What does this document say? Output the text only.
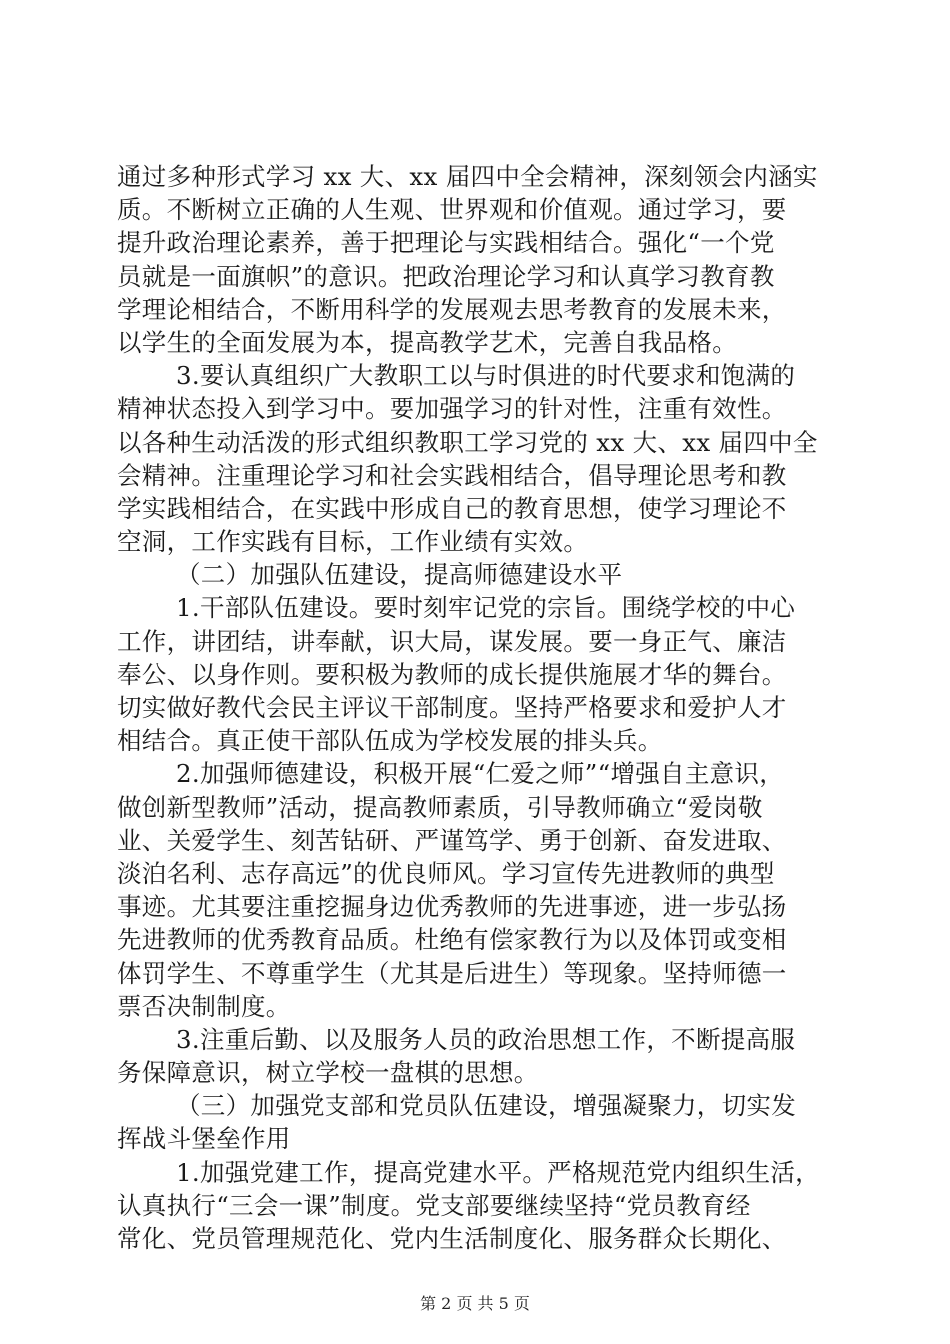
通过多种形式学习 xx 大、xx 届四中全会精神，深刻领会内涵实
质。不断树立正确的人生观、世界观和价值观。通过学习，要
提升政治理论素养，善于把理论与实践相结合。强化“一个党
员就是一面旗帜”的意识。把政治理论学习和认真学习教育教
学理论相结合，不断用科学的发展观去思考教育的发展未来，
以学生的全面发展为本，提高教学艺术，完善自我品格。
3.要认真组织广大教职工以与时俱进的时代要求和饱满的
精神状态投入到学习中。要加强学习的针对性，注重有效性。
以各种生动活泼的形式组织教职工学习党的 xx 大、xx 届四中全
会精神。注重理论学习和社会实践相结合，倡导理论思考和教
学实践相结合，在实践中形成自己的教育思想，使学习理论不
空洞，工作实践有目标，工作业绩有实效。
（二）加强队伍建设，提高师德建设水平
1.干部队伍建设。要时刻牢记党的宗旨。围绕学校的中心
工作，讲团结，讲奉献，识大局，谋发展。要一身正气、廉洁
奉公、以身作则。要积极为教师的成长提供施展才华的舞台。
切实做好教代会民主评议干部制度。坚持严格要求和爱护人才
相结合。真正使干部队伍成为学校发展的排头兵。
2.加强师德建设，积极开展“仁爱之师”“增强自主意识，
做创新型教师”活动，提高教师素质，引导教师确立“爱岗敬
业、关爱学生、刻苦钻研、严谨笃学、勇于创新、奋发进取、
淡泊名利、志存高远”的优良师风。学习宣传先进教师的典型
事迹。尤其要注重挖掘身边优秀教师的先进事迹，进一步弘扬
先进教师的优秀教育品质。杜绝有偿家教行为以及体罚或变相
体罚学生、不尊重学生（尤其是后进生）等现象。坚持师德一
票否决制制度。
3.注重后勤、以及服务人员的政治思想工作，不断提高服
务保障意识，树立学校一盘棋的思想。
（三）加强党支部和党员队伍建设，增强凝聚力，切实发
挥战斗堡垒作用
1.加强党建工作，提高党建水平。严格规范党内组织生活，
认真执行“三会一课”制度。党支部要继续坚持“党员教育经
常化、党员管理规范化、党内生活制度化、服务群众长期化、
第 2 页 共 5 页
